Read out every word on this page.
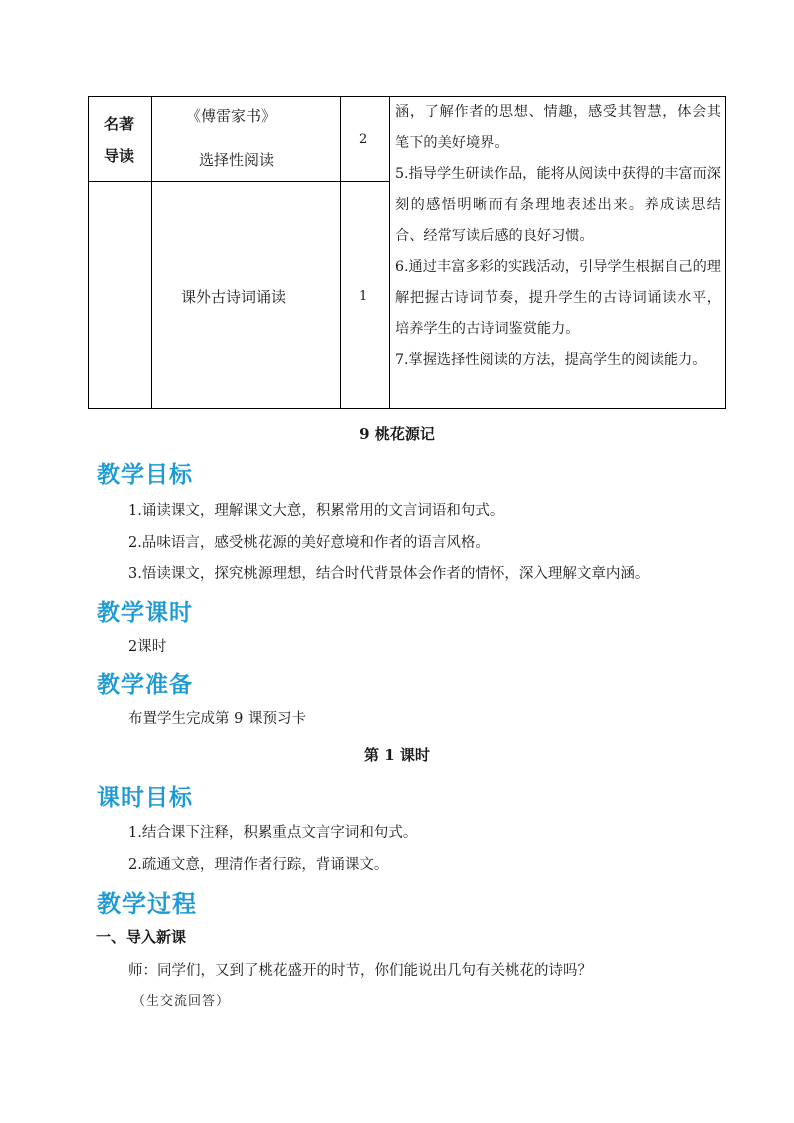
名著
导读
《傅雷家书》
选择性阅读
2
课外古诗词诵读	1
涵，了解作者的思想、情趣，感受其智慧，体会其笔下的美好境界。
5.指导学生研读作品，能将从阅读中获得的丰富而深刻的感悟明晰而有条理地表述出来。养成读思结合、经常写读后感的良好习惯。
6.通过丰富多彩的实践活动，引导学生根据自己的理解把握古诗词节奏，提升学生的古诗词诵读水平，培养学生的古诗词鉴赏能力。
7.掌握选择性阅读的方法，提高学生的阅读能力。
9 桃花源记
教学目标
1.诵读课文，理解课文大意，积累常用的文言词语和句式。
2.品味语言，感受桃花源的美好意境和作者的语言风格。
3.悟读课文，探究桃源理想，结合时代背景体会作者的情怀，深入理解文章内涵。
教学课时
2课时
教学准备
布置学生完成第 9 课预习卡
第 1 课时
课时目标
1.结合课下注释，积累重点文言字词和句式。
2.疏通文意，理清作者行踪，背诵课文。
教学过程
一、导入新课
师：同学们，又到了桃花盛开的时节，你们能说出几句有关桃花的诗吗？
（生交流回答）
